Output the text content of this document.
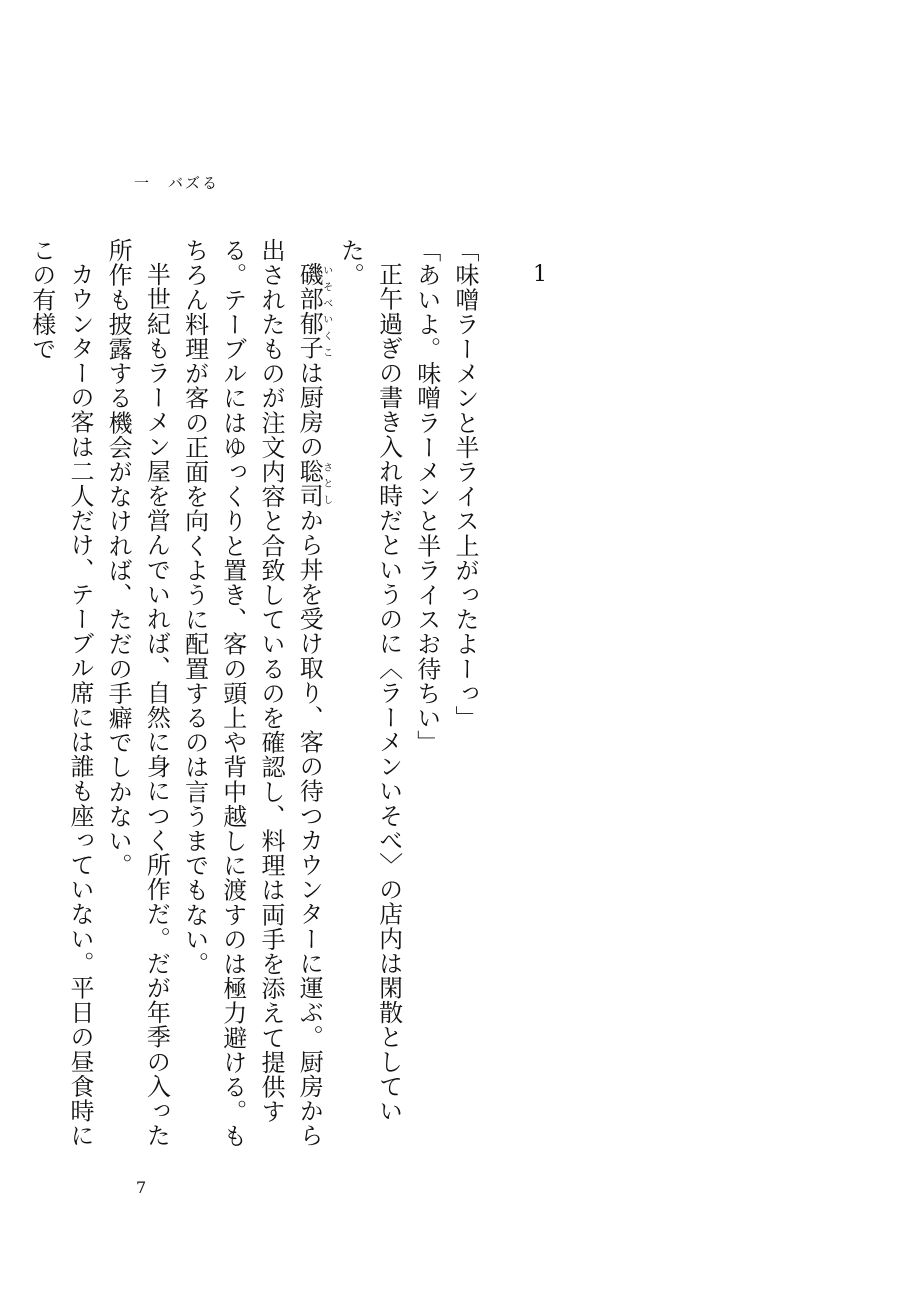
一　バズる
1

「味噌ラーメンと半ライス上がったよーっ」

「あいよ。味噌ラーメンと半ライスお待ちい」

正午過ぎの書き入れ時だというのに〈ラーメンいそべ〉の店内は閑散としていた。

磯部いそべ郁子いくこは厨房の聡司さとしから丼を受け取り、客の待つカウンターに運ぶ。厨房から出されたものが注文内容と合致しているのを確認し、料理は両手を添えて提供する。テーブルにはゆっくりと置き、客の頭上や背中越しに渡すのは極力避ける。もちろん料理が客の正面を向くように配置するのは言うまでもない。

半世紀もラーメン屋を営んでいれば、自然に身につく所作だ。だが年季の入った所作も披露する機会がなければ、ただの手癖でしかない。

カウンターの客は二人だけ、テーブル席には誰も座っていない。平日の昼食時にこの有様で

7
